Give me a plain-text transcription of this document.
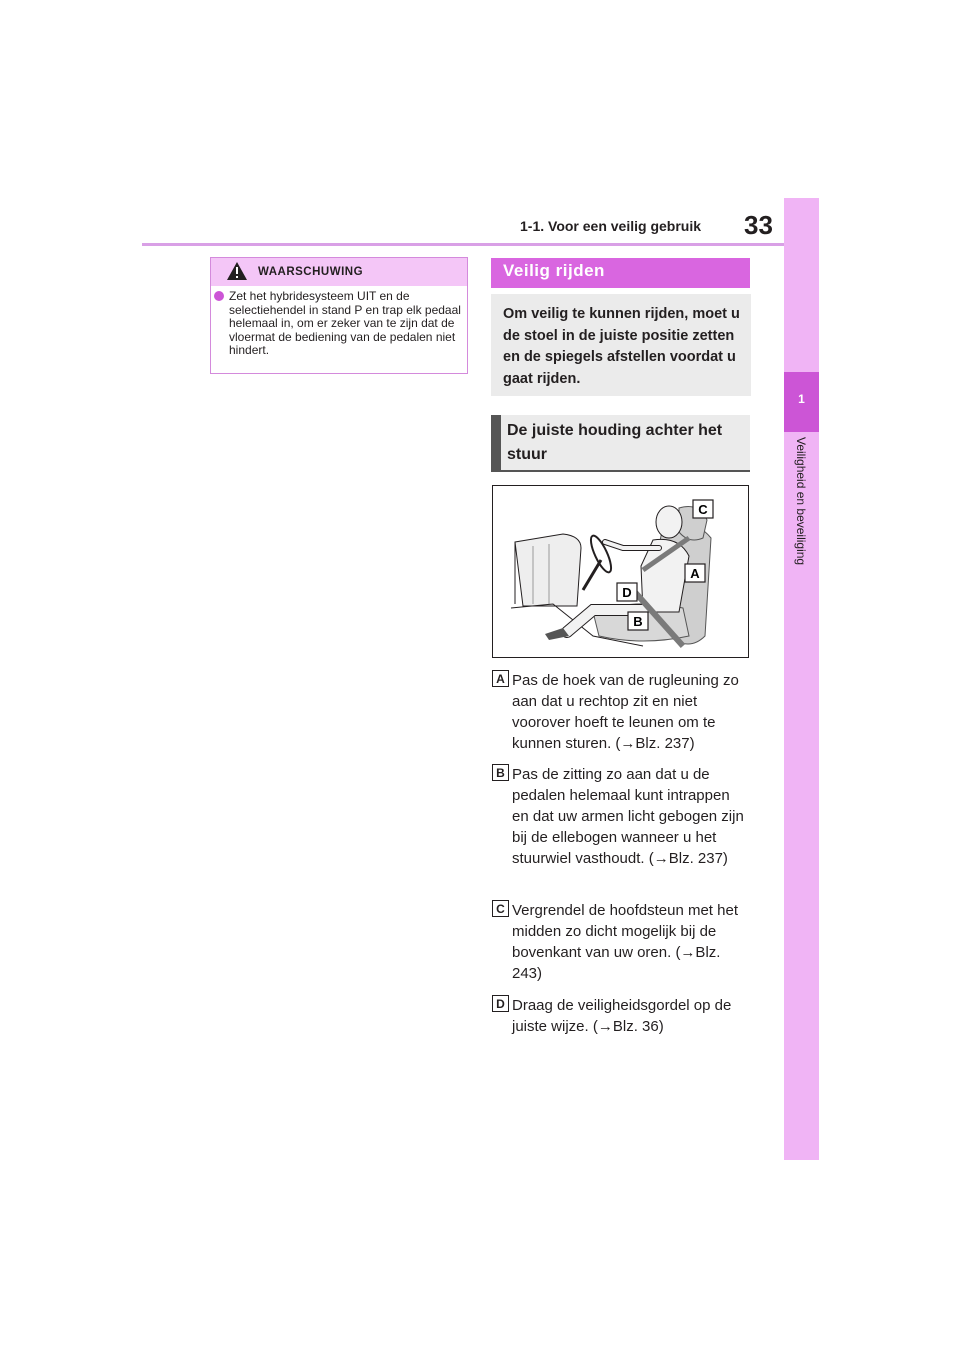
1-1. Voor een veilig gebruik 33
1
Veiligheid en beveiliging
WAARSCHUWING
Zet het hybridesysteem UIT en de selectiehendel in stand P en trap elk pedaal helemaal in, om er zeker van te zijn dat de vloermat de bediening van de pedalen niet hindert.
Veilig rijden
Om veilig te kunnen rijden, moet u de stoel in de juiste positie zetten en de spiegels afstellen voordat u gaat rijden.
De juiste houding achter het stuur
C
A
D
B
A Pas de hoek van de rugleuning zo aan dat u rechtop zit en niet voorover hoeft te leunen om te kunnen sturen. (→Blz. 237)
B Pas de zitting zo aan dat u de pedalen helemaal kunt intrappen en dat uw armen licht gebogen zijn bij de ellebogen wanneer u het stuurwiel vasthoudt. (→Blz. 237)
C Vergrendel de hoofdsteun met het midden zo dicht mogelijk bij de bovenkant van uw oren. (→Blz. 243)
D Draag de veiligheidsgordel op de juiste wijze. (→Blz. 36)
